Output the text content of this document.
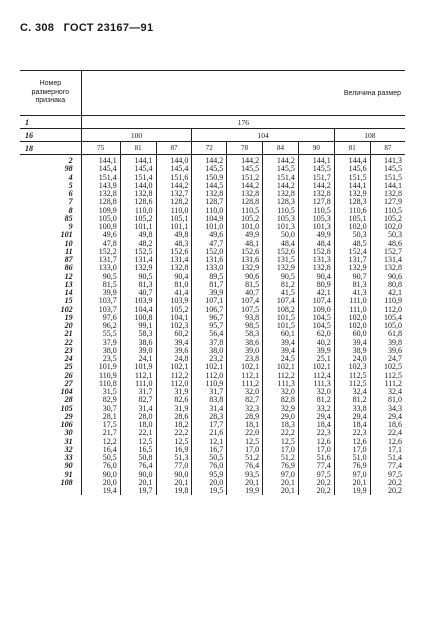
С. 308 ГОСТ 23167—91
Номер
размерного
признака	Величина размер								
1	176								
16	100			104				108	
18	75	81	87	72	78	84	90	81	87
2	144,1	144,1	144,0	144,2	144,2	144,2	144,1	144,4	141,3
98	145,4	145,4	145,4	145,5	145,5	145,5	145,5	145,6	145,5
4	151,4	151,4	151,6	150,9	151,2	151,4	151,7	151,5	151,5
5	143,9	144,0	144,2	144,5	144,2	144,2	144,2	144,1	144,1
6	132,8	132,8	132,7	132,8	132,8	132,8	132,8	132,9	132,8
7	128,8	128,6	128,2	128,7	128,8	128,3	127,8	128,3	127,9
8	109,9	110,0	110,0	110,0	110,5	110,5	110,5	110,6	110,5
85	105,0	105,2	105,1	104,9	105,2	105,3	105,3	105,1	105,2
9	100,9	101,1	101,1	101,0	101,0	101,3	101,3	102,0	102,0
101	49,6	49,8	49,8	49,6	49,9	50,0	49,9	50,3	50,3
10	47,8	48,2	48,3	47,7	48,1	48,4	48,4	48,5	48,6
11	152,2	152,5	152,6	152,0	152,6	152,6	152,8	152,4	152,7
87	131,7	131,4	131,4	131,6	131,6	131,5	131,3	131,7	131,4
86	133,0	132,9	132,8	133,0	132,9	132,9	132,8	132,9	132,8
12	90,5	90,5	90,4	89,5	90,6	90,5	90,4	90,7	90,6
13	81,5	81,3	81,0	81,7	81,5	81,2	80,9	81,3	80,8
14	39,9	40,7	41,4	39,9	40,7	41,5	42,1	41,3	42,1
15	103,7	103,9	103,9	107,1	107,4	107,4	107,4	111,0	110,9
102	103,7	104,4	105,2	106,7	107,5	108,2	109,0	111,0	112,0
19	97,6	100,8	104,1	96,7	93,8	101,5	104,5	102,0	105,4
20	96,2	99,1	102,3	95,7	98,5	101,5	104,5	102,0	105,0
21	55,5	58,3	60,2	56,4	58,3	60,1	62,0	60,0	61,8
22	37,9	38,6	39,4	37,8	38,6	39,4	40,2	39,4	39,8
23	38,0	39,0	39,6	38,0	39,0	39,4	39,9	38,9	39,6
24	23,5	24,1	24,8	23,2	23,8	24,5	25,1	24,0	24,7
25	101,9	101,9	102,1	102,1	102,1	102,1	102,1	102,3	102,5
26	110,9	112,1	112,2	112,0	112,1	112,2	112,4	112,5	112,5
27	110,8	111,0	112,0	110,9	111,2	111,3	111,3	112,5	111,2
104	31,5	31,7	31,9	31,7	32,0	32,0	32,0	32,4	32,4
28	82,9	82,7	82,6	83,8	82,7	82,8	81,2	81,2	81,0
105	30,7	31,4	31,9	31,4	32,3	32,9	33,2	33,8	34,3
29	28,1	28,0	28,6	28,3	28,9	29,0	29,4	29,4	29,4
106	17,5	18,0	18,2	17,7	18,1	18,3	18,4	18,4	18,6
30	21,7	22,1	22,2	21,6	22,0	22,2	22,3	22,3	22,4
31	12,2	12,5	12,5	12,1	12,5	12,5	12,6	12,6	12,6
32	16,4	16,5	16,9	16,7	17,0	17,0	17,0	17,0	17,1
33	50,5	50,8	51,3	50,5	51,2	51,2	51,6	51,0	51,4
90	76,0	76,4	77,0	76,0	76,4	76,9	77,4	76,9	77,4
91	90,0	90,0	90,0	95,9	93,5	97,0	97,5	97,0	97,5
108	20,0	20,1	20,1	20,0	20,1	20,1	20,2	20,1	20,2
	19,4	19,7	19,8	19,5	19,9	20,1	20,2	19,9	20,2
